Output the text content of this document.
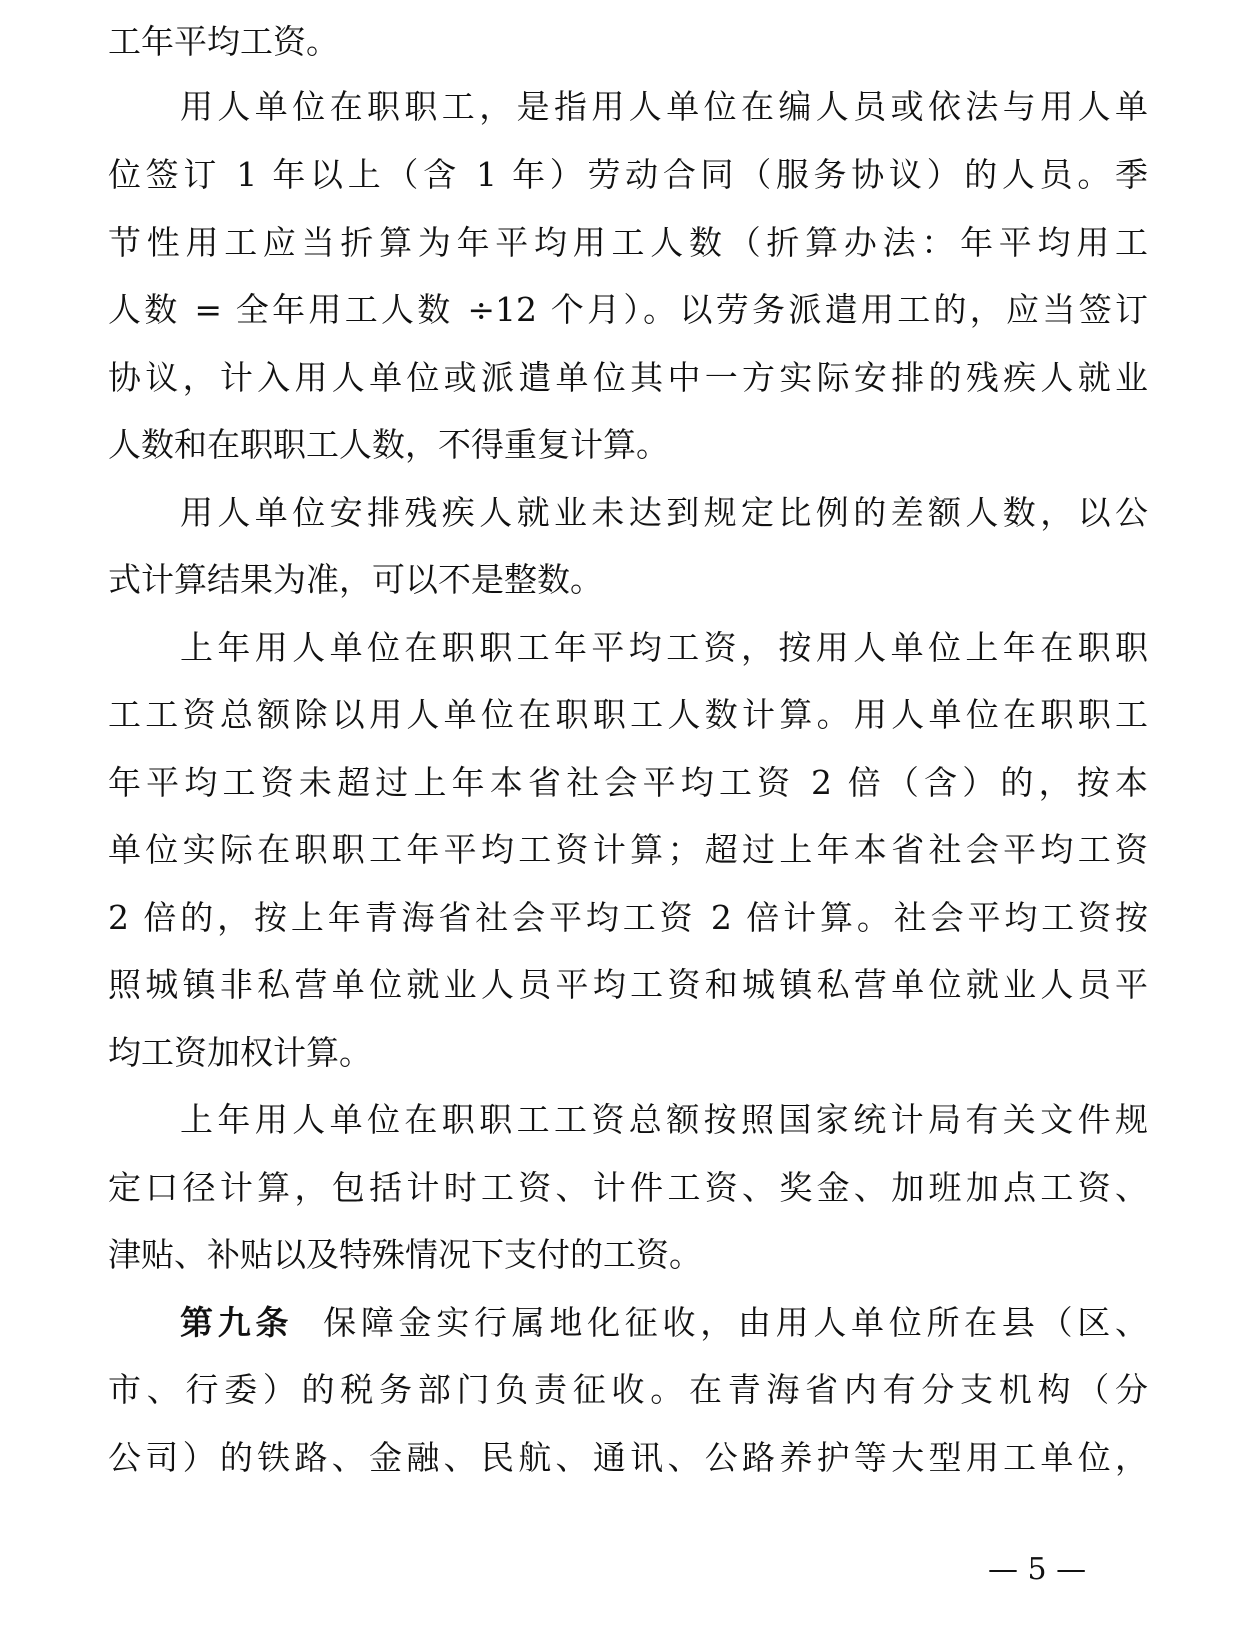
工年平均工资。
用人单位在职职工，是指用人单位在编人员或依法与用人单
位签订 1 年以上（含 1 年）劳动合同（服务协议）的人员。季
节性用工应当折算为年平均用工人数（折算办法：年平均用工
人数 = 全年用工人数 ÷12 个月）。以劳务派遣用工的，应当签订
协议，计入用人单位或派遣单位其中一方实际安排的残疾人就业
人数和在职职工人数，不得重复计算。
用人单位安排残疾人就业未达到规定比例的差额人数，以公
式计算结果为准，可以不是整数。
上年用人单位在职职工年平均工资，按用人单位上年在职职
工工资总额除以用人单位在职职工人数计算。用人单位在职职工
年平均工资未超过上年本省社会平均工资 2 倍（含）的，按本
单位实际在职职工年平均工资计算；超过上年本省社会平均工资
2 倍的，按上年青海省社会平均工资 2 倍计算。社会平均工资按
照城镇非私营单位就业人员平均工资和城镇私营单位就业人员平
均工资加权计算。
上年用人单位在职职工工资总额按照国家统计局有关文件规
定口径计算，包括计时工资、计件工资、奖金、加班加点工资、
津贴、补贴以及特殊情况下支付的工资。
第九条 保障金实行属地化征收，由用人单位所在县（区、
市、行委）的税务部门负责征收。在青海省内有分支机构（分
公司）的铁路、金融、民航、通讯、公路养护等大型用工单位，
— 5 —
